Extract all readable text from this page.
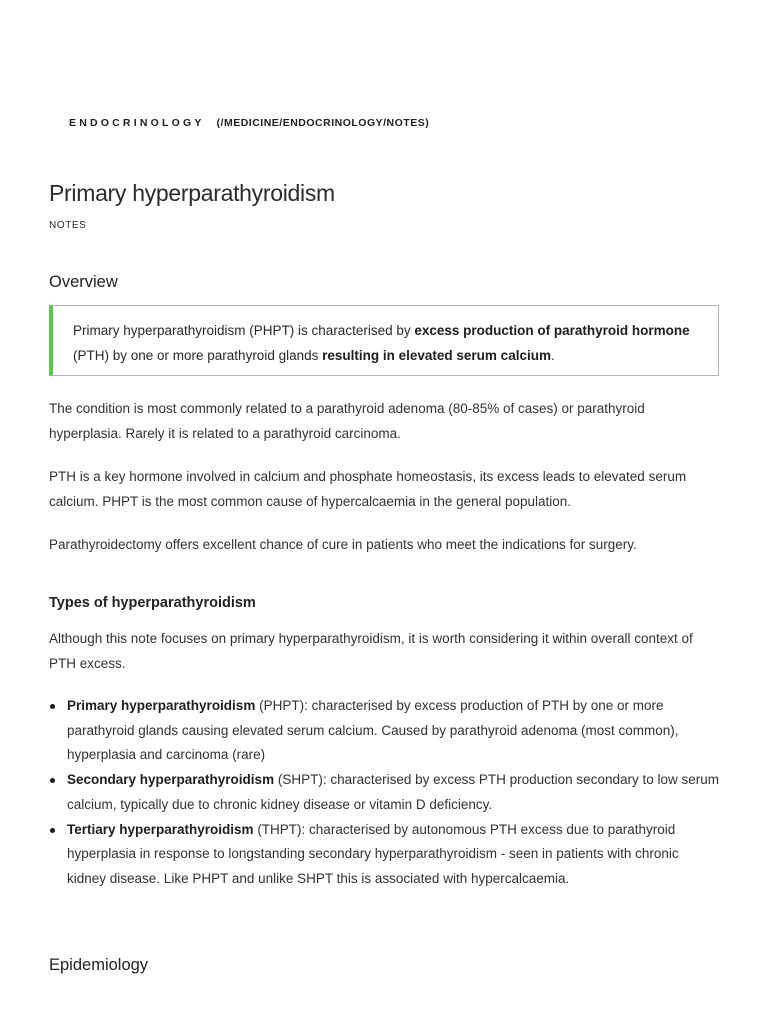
ENDOCRINOLOGY (/MEDICINE/ENDOCRINOLOGY/NOTES)
Primary hyperparathyroidism
NOTES
Overview
Primary hyperparathyroidism (PHPT) is characterised by excess production of parathyroid hormone (PTH) by one or more parathyroid glands resulting in elevated serum calcium.

The condition is most commonly related to a parathyroid adenoma (80-85% of cases) or parathyroid hyperplasia. Rarely it is related to a parathyroid carcinoma.

PTH is a key hormone involved in calcium and phosphate homeostasis, its excess leads to elevated serum calcium. PHPT is the most common cause of hypercalcaemia in the general population.

Parathyroidectomy offers excellent chance of cure in patients who meet the indications for surgery.

Types of hyperparathyroidism

Although this note focuses on primary hyperparathyroidism, it is worth considering it within overall context of PTH excess.

Primary hyperparathyroidism (PHPT): characterised by excess production of PTH by one or more parathyroid glands causing elevated serum calcium. Caused by parathyroid adenoma (most common), hyperplasia and carcinoma (rare)
Secondary hyperparathyroidism (SHPT): characterised by excess PTH production secondary to low serum calcium, typically due to chronic kidney disease or vitamin D deficiency.
Tertiary hyperparathyroidism (THPT): characterised by autonomous PTH excess due to parathyroid hyperplasia in response to longstanding secondary hyperparathyroidism - seen in patients with chronic kidney disease. Like PHPT and unlike SHPT this is associated with hypercalcaemia.
Epidemiology
